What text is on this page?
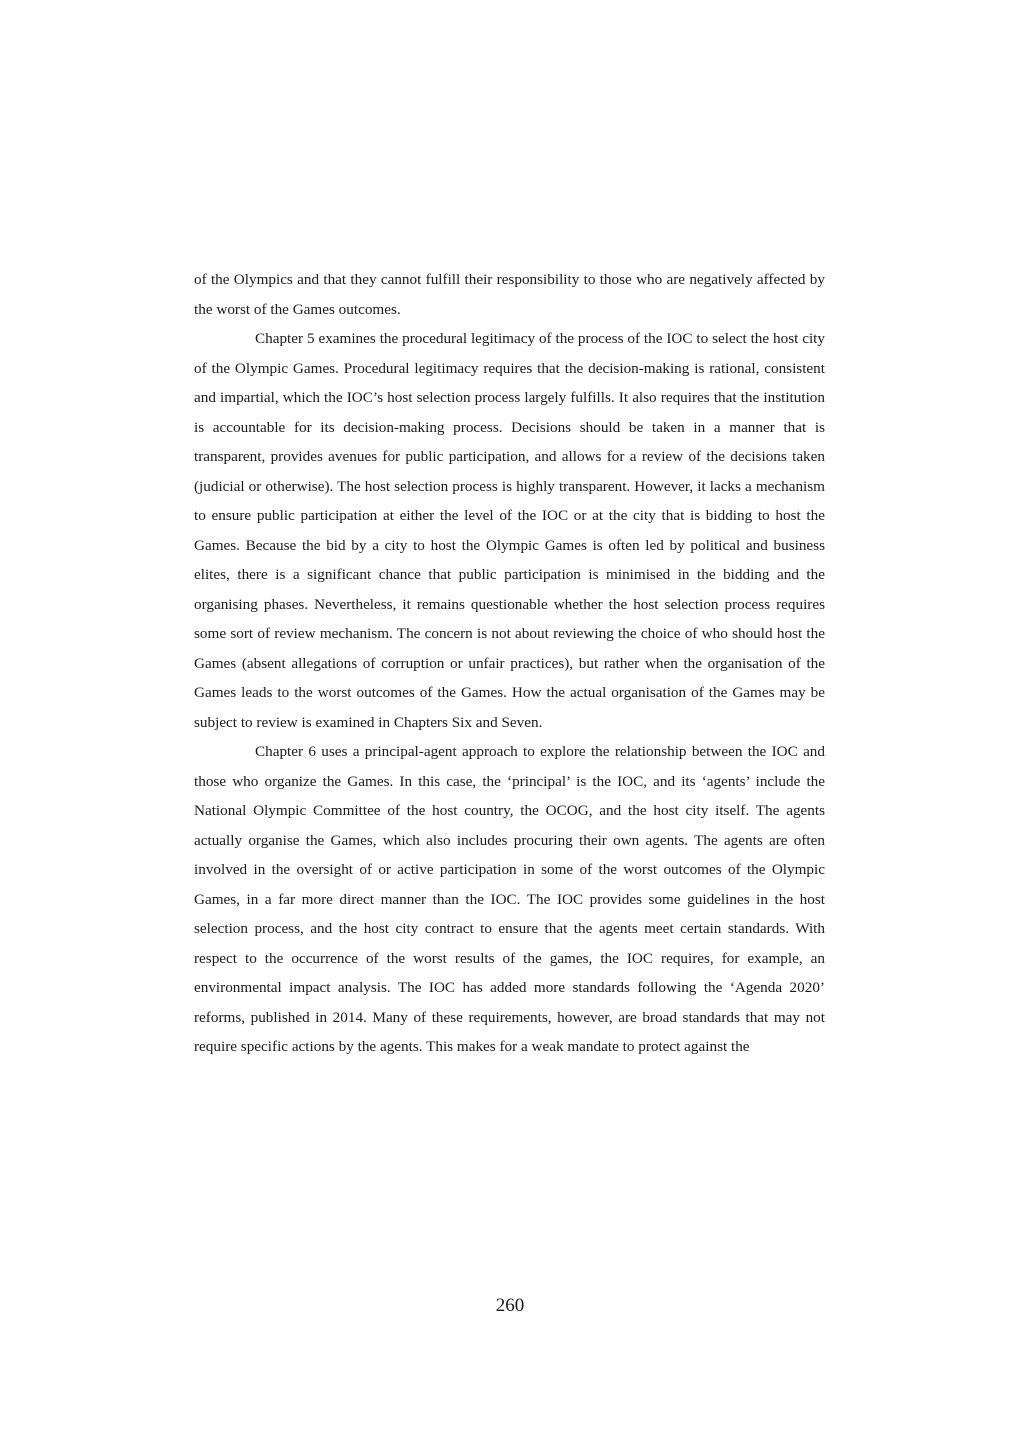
of the Olympics and that they cannot fulfill their responsibility to those who are negatively affected by the worst of the Games outcomes.

Chapter 5 examines the procedural legitimacy of the process of the IOC to select the host city of the Olympic Games. Procedural legitimacy requires that the decision-making is rational, consistent and impartial, which the IOC’s host selection process largely fulfills. It also requires that the institution is accountable for its decision-making process. Decisions should be taken in a manner that is transparent, provides avenues for public participation, and allows for a review of the decisions taken (judicial or otherwise). The host selection process is highly transparent. However, it lacks a mechanism to ensure public participation at either the level of the IOC or at the city that is bidding to host the Games. Because the bid by a city to host the Olympic Games is often led by political and business elites, there is a significant chance that public participation is minimised in the bidding and the organising phases. Nevertheless, it remains questionable whether the host selection process requires some sort of review mechanism. The concern is not about reviewing the choice of who should host the Games (absent allegations of corruption or unfair practices), but rather when the organisation of the Games leads to the worst outcomes of the Games. How the actual organisation of the Games may be subject to review is examined in Chapters Six and Seven.

Chapter 6 uses a principal-agent approach to explore the relationship between the IOC and those who organize the Games. In this case, the ‘principal’ is the IOC, and its ‘agents’ include the National Olympic Committee of the host country, the OCOG, and the host city itself. The agents actually organise the Games, which also includes procuring their own agents. The agents are often involved in the oversight of or active participation in some of the worst outcomes of the Olympic Games, in a far more direct manner than the IOC. The IOC provides some guidelines in the host selection process, and the host city contract to ensure that the agents meet certain standards. With respect to the occurrence of the worst results of the games, the IOC requires, for example, an environmental impact analysis. The IOC has added more standards following the ‘Agenda 2020’ reforms, published in 2014. Many of these requirements, however, are broad standards that may not require specific actions by the agents. This makes for a weak mandate to protect against the

260
